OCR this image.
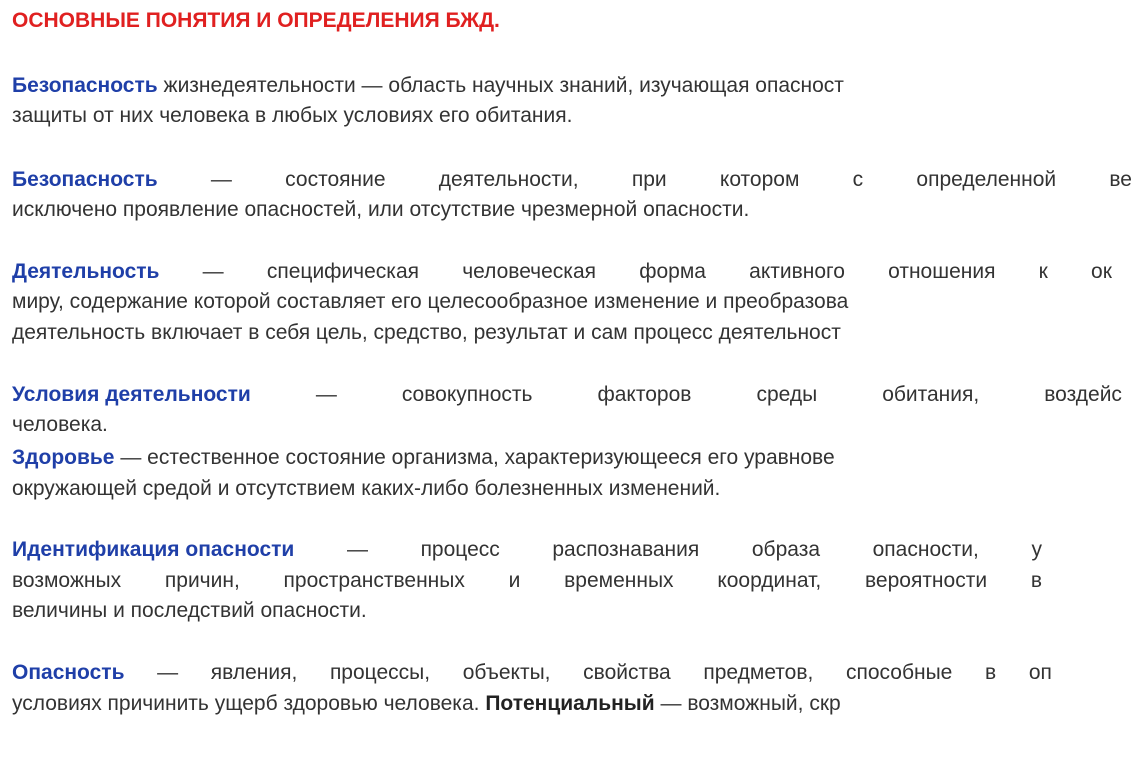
ОСНОВНЫЕ ПОНЯТИЯ И ОПРЕДЕЛЕНИЯ БЖД.
Безопасность жизнедеятельности — область научных знаний, изучающая опасност
защиты от них человека в любых условиях его обитания.
Безопасность	—	состояние	деятельности,	при	котором	с	определенной	ве
исключено проявление опасностей, или отсутствие чрезмерной опасности.
Деятельность — специфическая человеческая форма активного отношения к ок
миру, содержание которой составляет его целесообразное изменение и преобразова
деятельность включает в себя цель, средство, результат и сам процесс деятельност
Условия деятельности	—	совокупность	факторов	среды	обитания,	воздейс
человека.
Здоровье — естественное состояние организма, характеризующееся его уравнове
окружающей средой и отсутствием каких-либо болезненных изменений.
Идентификация опасности	—	процесс	распознавания	образа	опасности,	у
возможных причин, пространственных и временных координат, вероятности в
величины и последствий опасности.
Опасность — явления, процессы, объекты, свойства предметов, способные в оп
условиях причинить ущерб здоровью человека. Потенциальный — возможный, скр
